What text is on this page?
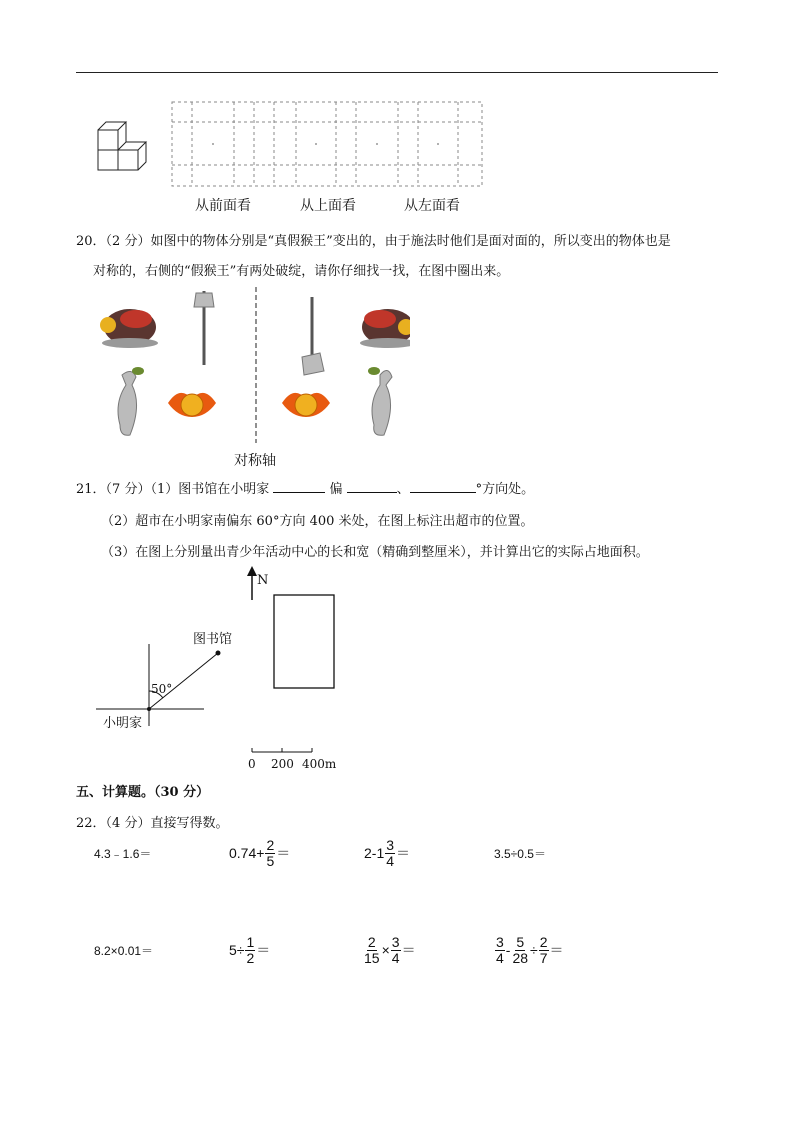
从前面看	从上面看	从左面看
20．（2 分）如图中的物体分别是“真假猴王”变出的，由于施法时他们是面对面的，所以变出的物体也是
对称的，右侧的“假猴王”有两处破绽，请你仔细找一找，在图中圈出来。
对称轴
21．（7 分）（1）图书馆在小明家	偏	、	°方向处。
（2）超市在小明家南偏东 60°方向 400 米处，在图上标注出超市的位置。
（3）在图上分别量出青少年活动中心的长和宽（精确到整厘米），并计算出它的实际占地面积。
N
图书馆
50°
小明家
0 200 400m
五、计算题。（30 分）
22．（4 分）直接写得数。
4.3﹣1.6＝	$0.74+ \frac{2}{5}$ ＝	$2-1 \frac{3}{4}$ ＝	3.5÷0.5＝
8.2×0.01＝	$5\div \frac{1}{2}$ ＝	$\frac{2}{15} \times \frac{3}{4}$ ＝	$\frac{3}{4} - \frac{5}{28} \div \frac{2}{7}$ ＝
